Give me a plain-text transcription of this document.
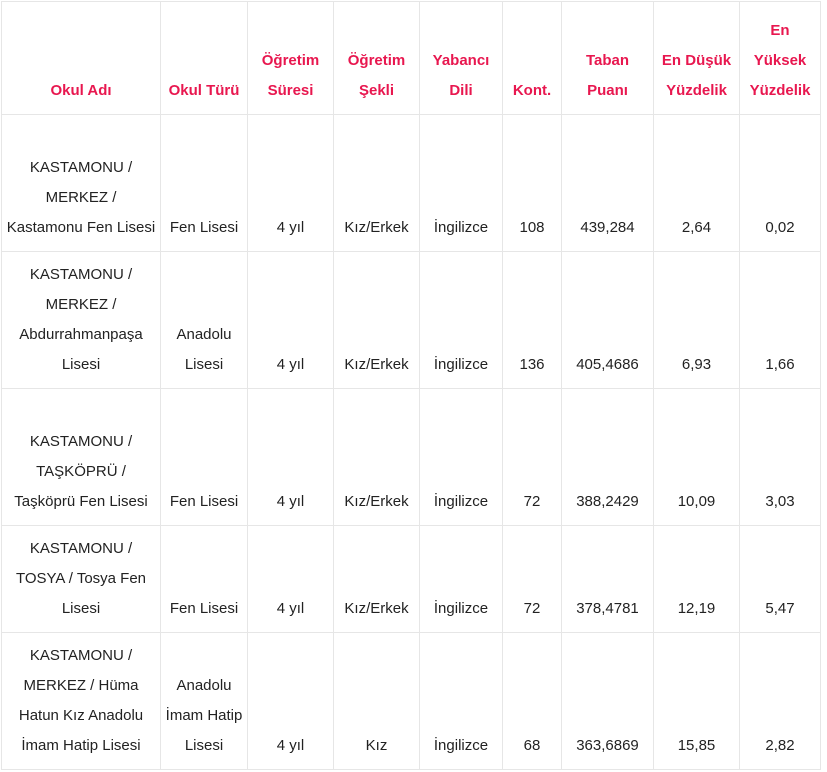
Okul Adı	Okul Türü	Öğretim Süresi	Öğretim Şekli	Yabancı Dili	Kont.	Taban Puanı	En Düşük Yüzdelik	En Yüksek Yüzdelik
KASTAMONU / MERKEZ / Kastamonu Fen Lisesi	Fen Lisesi	4 yıl	Kız/Erkek	İngilizce	108	439,284	2,64	0,02
KASTAMONU / MERKEZ / Abdurrahmanpaşa Lisesi	Anadolu Lisesi	4 yıl	Kız/Erkek	İngilizce	136	405,4686	6,93	1,66
KASTAMONU / TAŞKÖPRÜ / Taşköprü Fen Lisesi	Fen Lisesi	4 yıl	Kız/Erkek	İngilizce	72	388,2429	10,09	3,03
KASTAMONU / TOSYA / Tosya Fen Lisesi	Fen Lisesi	4 yıl	Kız/Erkek	İngilizce	72	378,4781	12,19	5,47
KASTAMONU / MERKEZ / Hüma Hatun Kız Anadolu İmam Hatip Lisesi	Anadolu İmam Hatip Lisesi	4 yıl	Kız	İngilizce	68	363,6869	15,85	2,82
